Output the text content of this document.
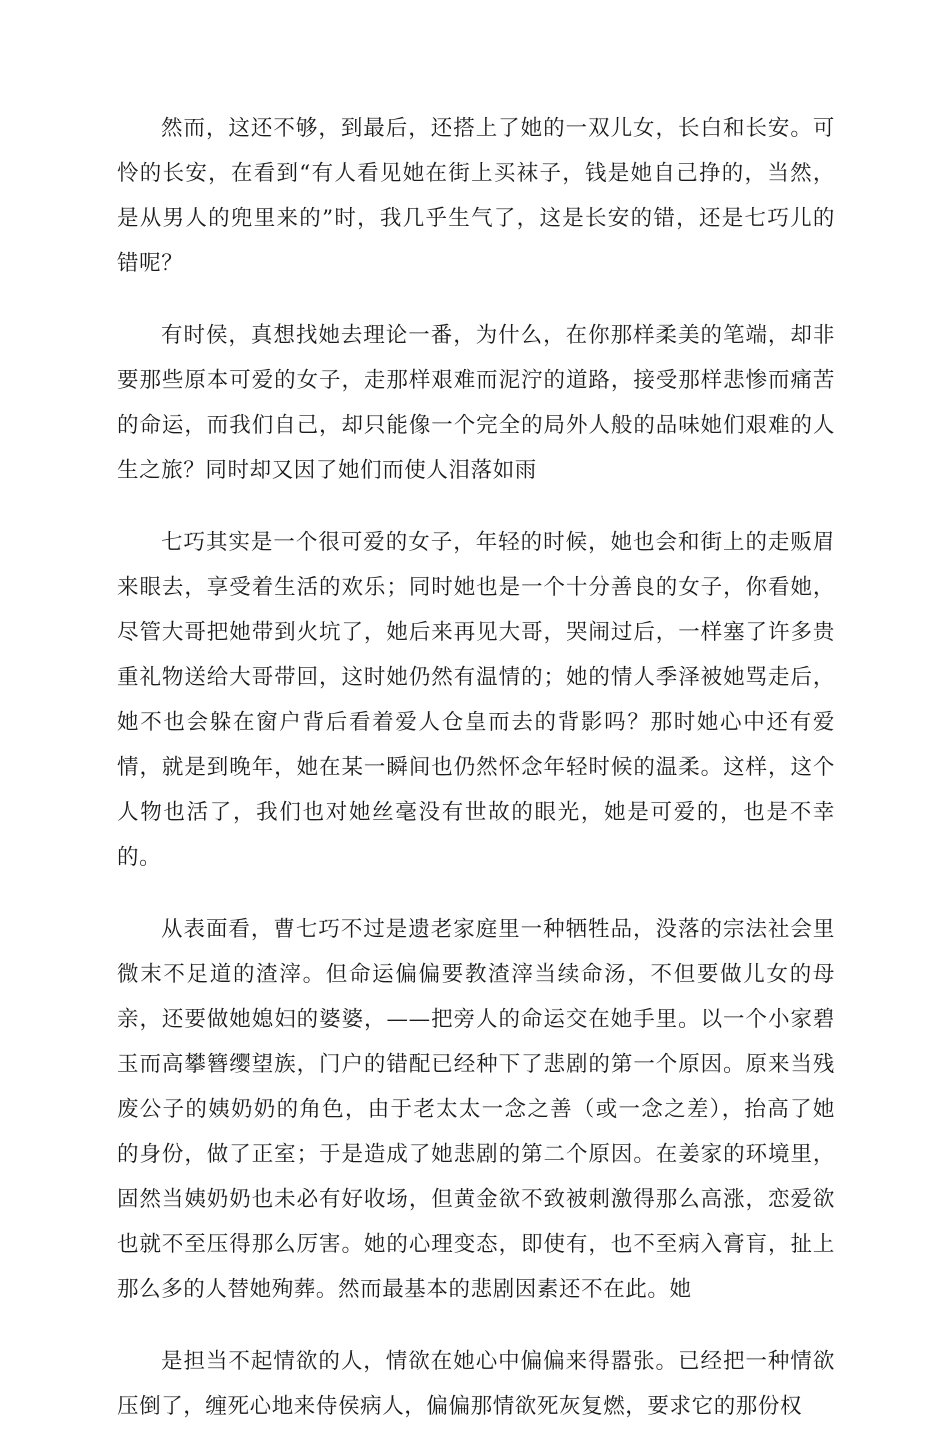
然而，这还不够，到最后，还搭上了她的一双儿女，长白和长安。可怜的长安，在看到“有人看见她在街上买袜子，钱是她自己挣的，当然，是从男人的兜里来的”时，我几乎生气了，这是长安的错，还是七巧儿的错呢？

有时侯，真想找她去理论一番，为什么，在你那样柔美的笔端，却非要那些原本可爱的女子，走那样艰难而泥泞的道路，接受那样悲惨而痛苦的命运，而我们自己，却只能像一个完全的局外人般的品味她们艰难的人生之旅？同时却又因了她们而使人泪落如雨

七巧其实是一个很可爱的女子，年轻的时候，她也会和街上的走贩眉来眼去，享受着生活的欢乐；同时她也是一个十分善良的女子，你看她，尽管大哥把她带到火坑了，她后来再见大哥，哭闹过后，一样塞了许多贵重礼物送给大哥带回，这时她仍然有温情的；她的情人季泽被她骂走后，她不也会躲在窗户背后看着爱人仓皇而去的背影吗？那时她心中还有爱情，就是到晚年，她在某一瞬间也仍然怀念年轻时候的温柔。这样，这个人物也活了，我们也对她丝毫没有世故的眼光，她是可爱的，也是不幸的。

从表面看，曹七巧不过是遗老家庭里一种牺牲品，没落的宗法社会里微末不足道的渣滓。但命运偏偏要教渣滓当续命汤，不但要做儿女的母亲，还要做她媳妇的婆婆，——把旁人的命运交在她手里。以一个小家碧玉而高攀簪缨望族，门户的错配已经种下了悲剧的第一个原因。原来当残废公子的姨奶奶的角色，由于老太太一念之善（或一念之差），抬高了她的身份，做了正室；于是造成了她悲剧的第二个原因。在姜家的环境里，固然当姨奶奶也未必有好收场，但黄金欲不致被刺激得那么高涨，恋爱欲也就不至压得那么厉害。她的心理变态，即使有，也不至病入膏肓，扯上那么多的人替她殉葬。然而最基本的悲剧因素还不在此。她

是担当不起情欲的人，情欲在她心中偏偏来得嚣张。已经把一种情欲压倒了，缠死心地来侍侯病人，偏偏那情欲死灰复燃，要求它的那份权
